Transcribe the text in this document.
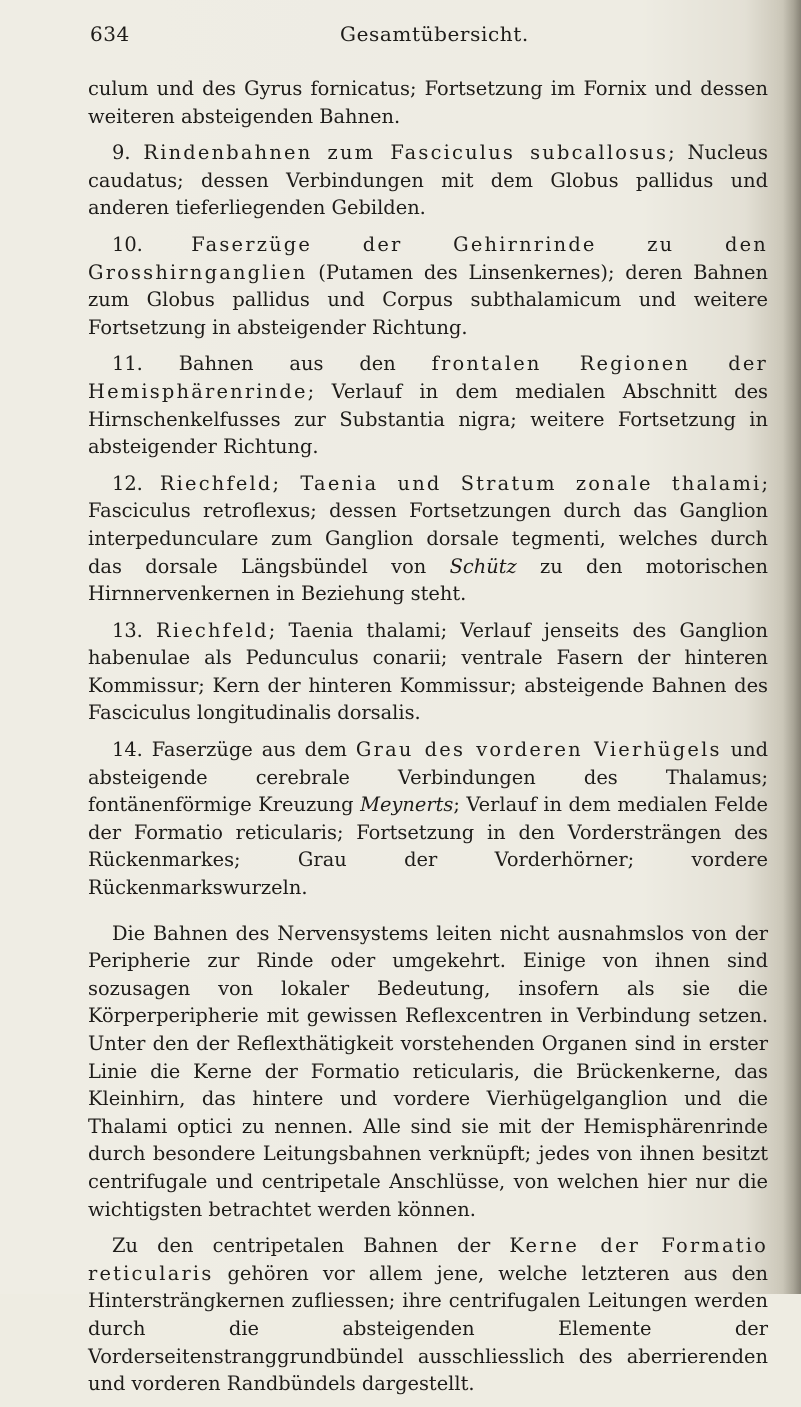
634	Gesamtübersicht.

culum und des Gyrus fornicatus; Fortsetzung im Fornix und dessen weiteren absteigenden Bahnen.

9. Rindenbahnen zum Fasciculus subcallosus; Nucleus caudatus; dessen Verbindungen mit dem Globus pallidus und anderen tieferliegenden Gebilden.

10. Faserzüge der Gehirnrinde zu den Grosshirnganglien (Putamen des Linsenkernes); deren Bahnen zum Globus pallidus und Corpus subthalamicum und weitere Fortsetzung in absteigender Richtung.

11. Bahnen aus den frontalen Regionen der Hemisphärenrinde; Verlauf in dem medialen Abschnitt des Hirnschenkelfusses zur Substantia nigra; weitere Fortsetzung in absteigender Richtung.

12. Riechfeld; Taenia und Stratum zonale thalami; Fasciculus retroflexus; dessen Fortsetzungen durch das Ganglion interpedunculare zum Ganglion dorsale tegmenti, welches durch das dorsale Längsbündel von Schütz zu den motorischen Hirnnervenkernen in Beziehung steht.

13. Riechfeld; Taenia thalami; Verlauf jenseits des Ganglion habenulae als Pedunculus conarii; ventrale Fasern der hinteren Kommissur; Kern der hinteren Kommissur; absteigende Bahnen des Fasciculus longitudinalis dorsalis.

14. Faserzüge aus dem Grau des vorderen Vierhügels und absteigende cerebrale Verbindungen des Thalamus; fontänenförmige Kreuzung Meynerts; Verlauf in dem medialen Felde der Formatio reticularis; Fortsetzung in den Vordersträngen des Rückenmarkes; Grau der Vorderhörner; vordere Rückenmarkswurzeln.

Die Bahnen des Nervensystems leiten nicht ausnahmslos von der Peripherie zur Rinde oder umgekehrt. Einige von ihnen sind sozusagen von lokaler Bedeutung, insofern als sie die Körperperipherie mit gewissen Reflexcentren in Verbindung setzen. Unter den der Reflexthätigkeit vorstehenden Organen sind in erster Linie die Kerne der Formatio reticularis, die Brückenkerne, das Kleinhirn, das hintere und vordere Vierhügelganglion und die Thalami optici zu nennen. Alle sind sie mit der Hemisphärenrinde durch besondere Leitungsbahnen verknüpft; jedes von ihnen besitzt centrifugale und centripetale Anschlüsse, von welchen hier nur die wichtigsten betrachtet werden können.

Zu den centripetalen Bahnen der Kerne der Formatio reticularis gehören vor allem jene, welche letzteren aus den Hintersträngkernen zufliessen; ihre centrifugalen Leitungen werden durch die absteigenden Elemente der Vorderseitenstranggrundbündel ausschliesslich des aberrierenden und vorderen Randbündels dargestellt.
